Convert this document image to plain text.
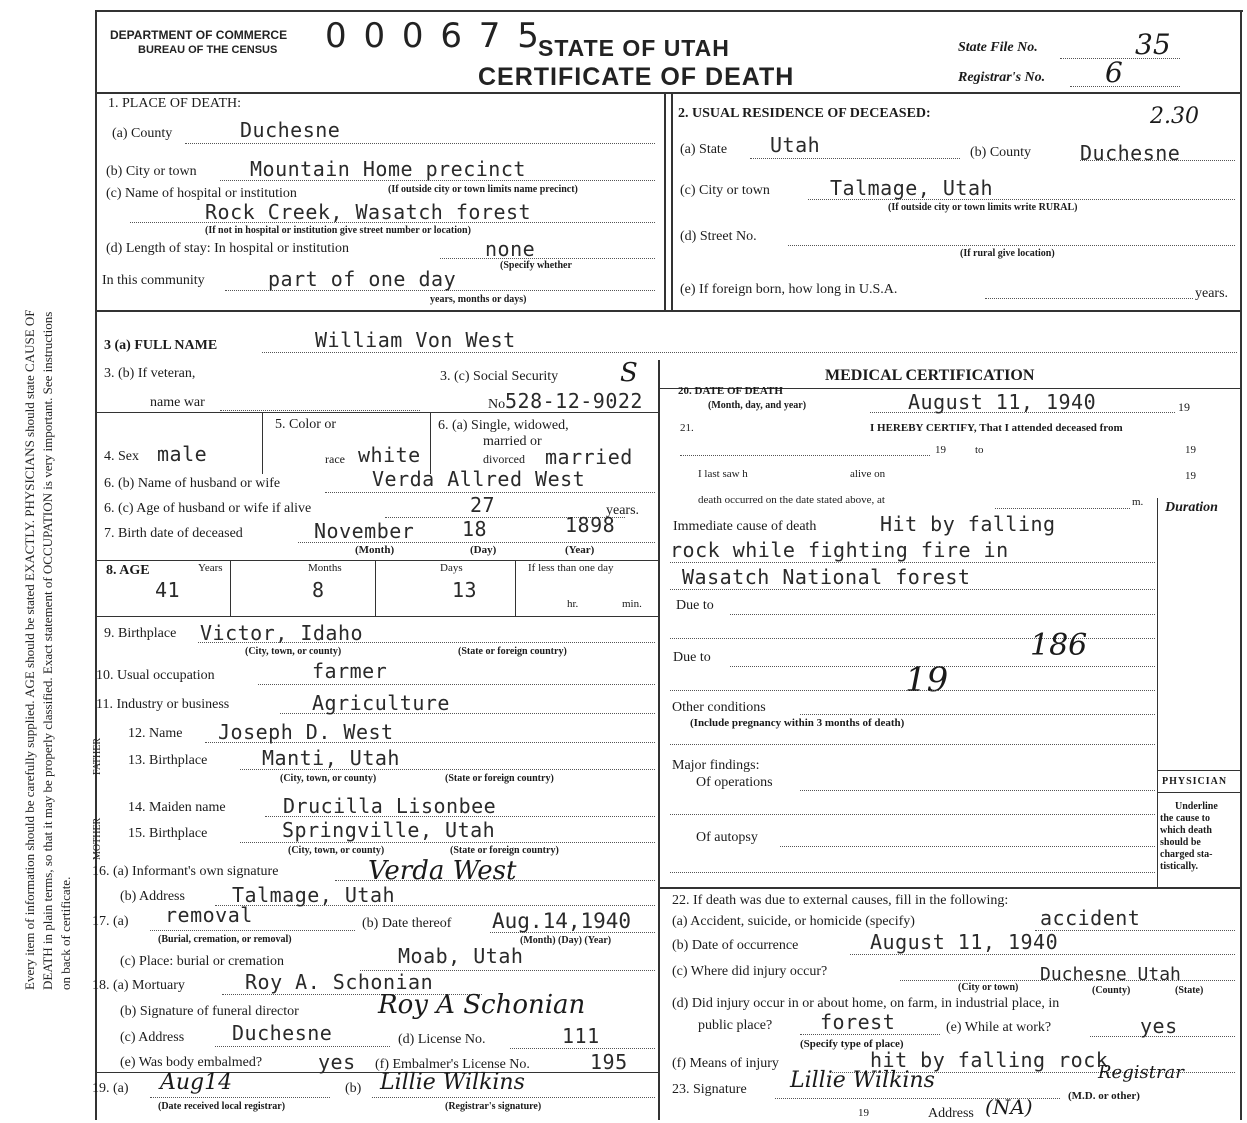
Every item of information should be carefully supplied. AGE should be stated EXACTLY. PHYSICIANS should state CAUSE OF DEATH in plain terms, so that it may be properly classified. Exact statement of OCCUPATION is very important. See instructions on back of certificate.
DEPARTMENT OF COMMERCE
BUREAU OF THE CENSUS 0 0 0 6 7 5
STATE OF UTAH
CERTIFICATE OF DEATH
State File No.	35
Registrar's No. 6
1. PLACE OF DEATH:
(a) County	Duchesne
(b) City or town	Mountain Home precinct
(c) Name of hospital or institution	(If outside city or town limits name precinct)
Rock Creek, Wasatch forest
(If not in hospital or institution give street number or location)
(d) Length of stay: In hospital or institution	none
(Specify whether
In this community	part of one day
years, months or days)
2. USUAL RESIDENCE OF DECEASED:	2.30
(a) State Utah	(b) County Duchesne
(c) City or town	Talmage, Utah
(If outside city or town limits write RURAL)
(d) Street No.
(If rural give location)
(e) If foreign born, how long in U.S.A.	years.
3 (a) FULL NAME	William Von West
3. (b) If veteran,
name war
3. (c) Social Security S
No 528-12-9022
4. Sex male
5. Color or
race white
6. (a) Single, widowed,
married or
divorced married
6. (b) Name of husband or wife	Verda Allred West
6. (c) Age of husband or wife if alive	27	years.
7. Birth date of deceased	November 18	1898
(Month)	(Day)	(Year)
8. AGE	Years	Months	Days	If less than one day
41	8	13
hr.	min.
9. Birthplace Victor, Idaho
(City, town, or county)	(State or foreign country)
10. Usual occupation	farmer
11. Industry or business	Agriculture
FATHER
12. Name Joseph D. West
13. Birthplace	Manti, Utah
(City, town, or county)	(State or foreign country)
MOTHER
14. Maiden name	Drucilla Lisonbee
15. Birthplace	Springville, Utah
(City, town, or county)	(State or foreign country)
16. (a) Informant's own signature	Verda West
(b) Address Talmage, Utah
17. (a) removal
(Burial, cremation, or removal)
(b) Date thereof Aug.14,1940
(Month) (Day) (Year)
(c) Place: burial or cremation	Moab, Utah
18. (a) Mortuary	Roy A. Schonian
(b) Signature of funeral director	Roy A Schonian
(c) Address Duchesne	(d) License No.	111
(e) Was body embalmed?	yes (f) Embalmer's License No.	195
19. (a) Aug14
(Date received local registrar)
(b) Lillie Wilkins
(Registrar's signature)
MEDICAL CERTIFICATION
20. DATE OF DEATH
(Month, day, and year)	August 11, 1940	19
21.	I HEREBY CERTIFY, That I attended deceased from
19	to	19
I last saw h	alive on	19
death occurred on the date stated above, at	m. Duration
Immediate cause of death	Hit by falling
rock while fighting fire in
Wasatch National forest
Due to
186
Due to
19
Other conditions
(Include pregnancy within 3 months of death)
Major findings:
Of operations
Of autopsy
PHYSICIAN
Underline
the cause to
which death
should be
charged sta-
tistically.
22. If death was due to external causes, fill in the following:
(a) Accident, suicide, or homicide (specify)	accident
(b) Date of occurrence	August 11, 1940
(c) Where did injury occur?	Duchesne Utah
(City or town)	(County)	(State)
(d) Did injury occur in or about home, on farm, in industrial place, in
public place? forest
(Specify type of place)
(e) While at work?	yes
(f) Means of injury	hit by falling rock
23. Signature Lillie Wilkins	Registrar
(M.D. or other)
19	Address (NA)
